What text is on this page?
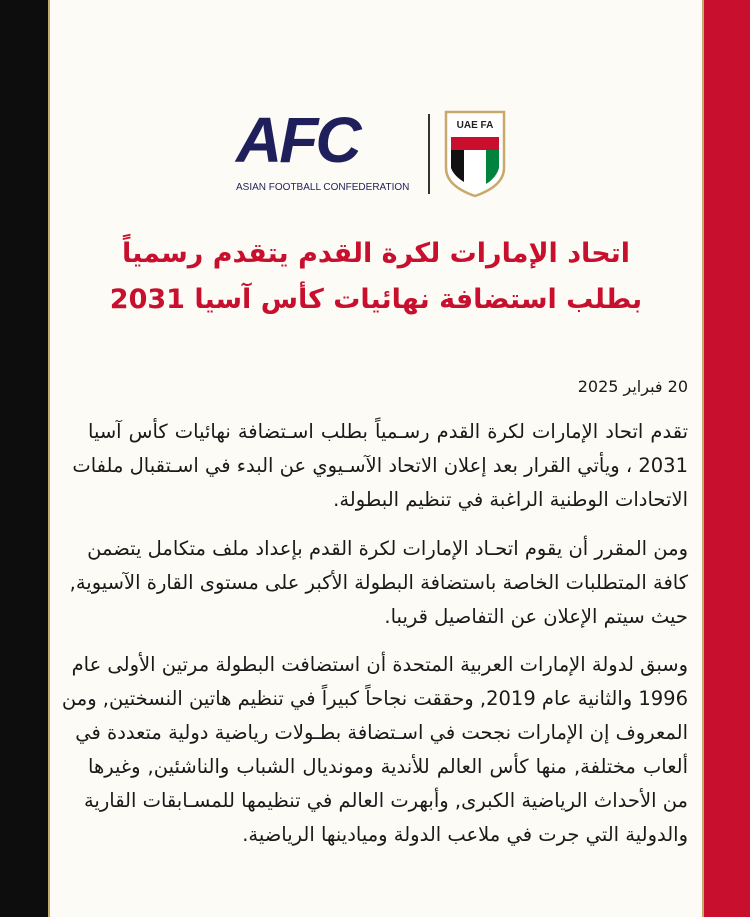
AFC
ASIAN FOOTBALL CONFEDERATION
UAE FA
اتحاد الإمارات لكرة القدم يتقدم رسمياً
بطلب استضافة نهائيات كأس آسيا 2031
20 فبراير 2025
تقدم اتحاد الإمارات لكرة القدم رسـمياً بطلب اسـتضافة نهائيات كأس آسيا
2031 ، ويأتي القرار بعد إعلان الاتحاد الآسـيوي عن البدء في اسـتقبال ملفات
الاتحادات الوطنية الراغبة في تنظيم البطولة.
ومن المقرر أن يقوم اتحـاد الإمارات لكرة القدم بإعداد ملف متكامل يتضمن
كافة المتطلبات الخاصة باستضافة البطولة الأكبر على مستوى القارة الآسيوية,
حيث سيتم الإعلان عن التفاصيل قريبا.
وسبق لدولة الإمارات العربية المتحدة أن استضافت البطولة مرتين الأولى عام
1996 والثانية عام 2019, وحققت نجاحاً كبيراً في تنظيم هاتين النسختين, ومن
المعروف إن الإمارات نجحت في اسـتضافة بطـولات رياضية دولية متعددة في
ألعاب مختلفة, منها كأس العالم للأندية وموندیال الشباب والناشئين, وغيرها
من الأحداث الرياضية الكبرى, وأبهرت العالم في تنظيمها للمسـابقات القارية
والدولية التي جرت في ملاعب الدولة وميادينها الرياضية.
